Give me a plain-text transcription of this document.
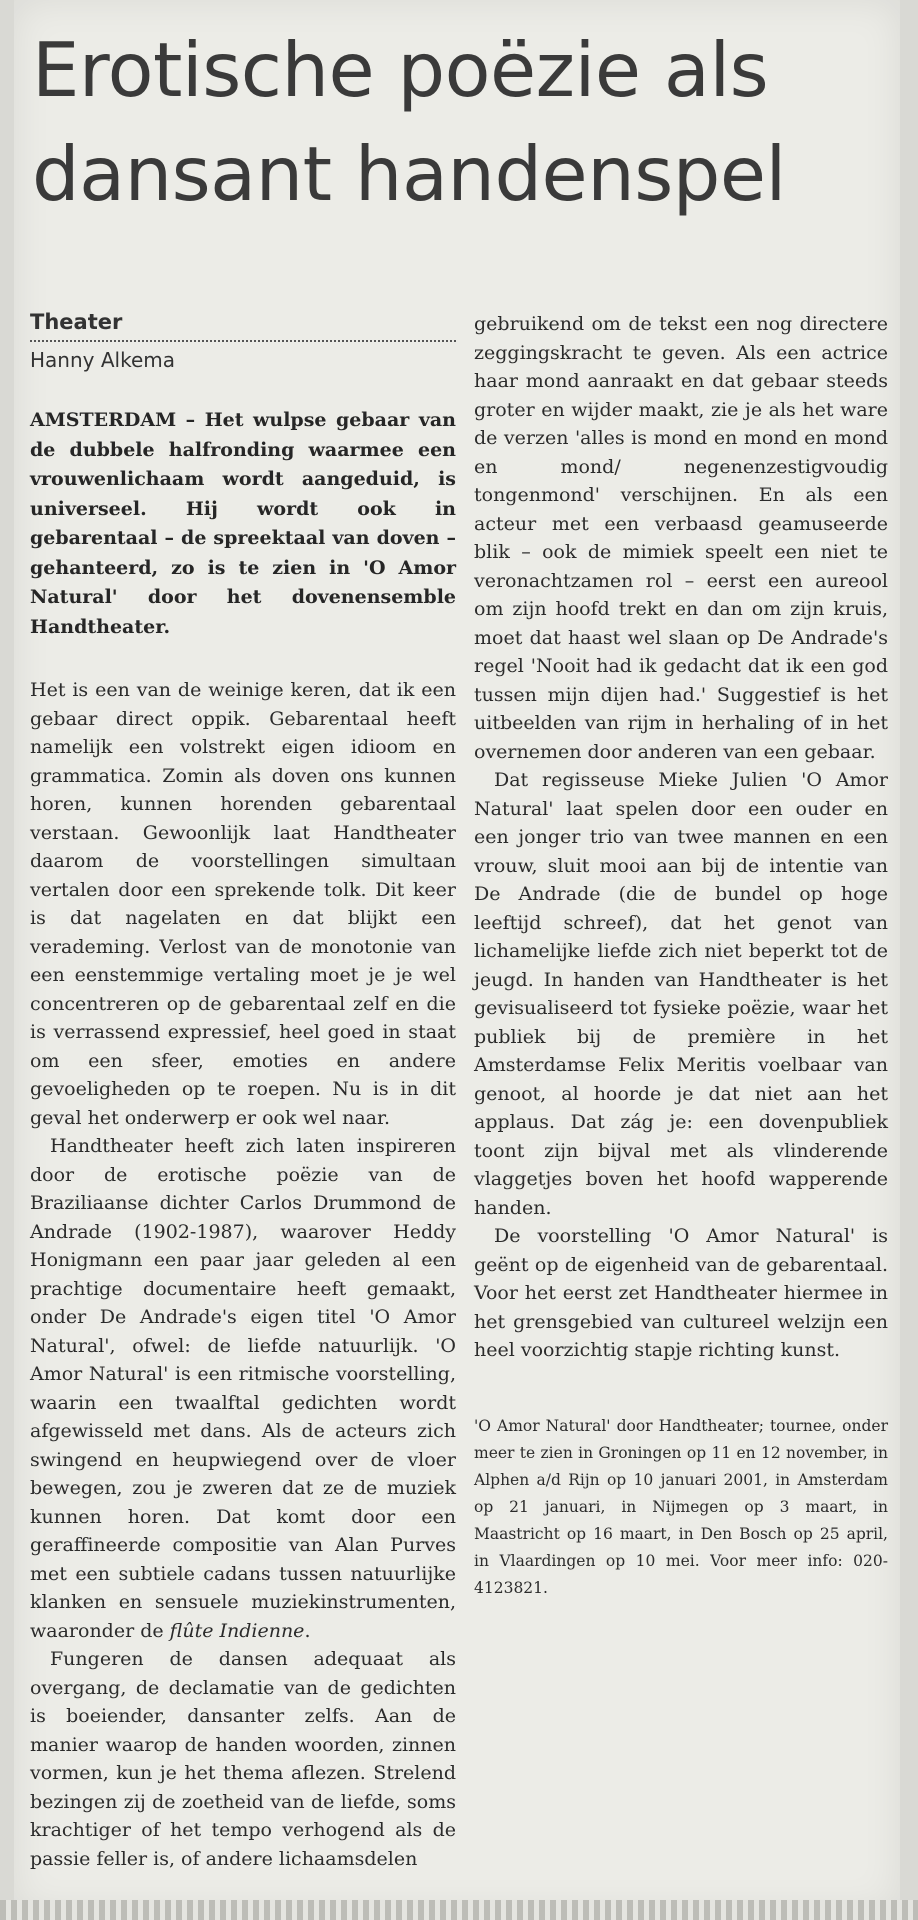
Erotische poëzie als
dansant handenspel
Theater
Hanny Alkema

AMSTERDAM – Het wulpse gebaar van de dubbele halfronding waarmee een vrouwenlichaam wordt aangeduid, is universeel. Hij wordt ook in gebarentaal – de spreektaal van doven – gehanteerd, zo is te zien in 'O Amor Natural' door het dovenensemble Handtheater.

Het is een van de weinige keren, dat ik een gebaar direct oppik. Gebarentaal heeft namelijk een volstrekt eigen idioom en grammatica. Zomin als doven ons kunnen horen, kunnen horenden gebarentaal verstaan. Gewoonlijk laat Handtheater daarom de voorstellingen simultaan vertalen door een sprekende tolk. Dit keer is dat nagelaten en dat blijkt een verademing. Verlost van de monotonie van een eenstemmige vertaling moet je je wel concentreren op de gebarentaal zelf en die is verrassend expressief, heel goed in staat om een sfeer, emoties en andere gevoeligheden op te roepen. Nu is in dit geval het onderwerp er ook wel naar.

Handtheater heeft zich laten inspireren door de erotische poëzie van de Braziliaanse dichter Carlos Drummond de Andrade (1902-1987), waarover Heddy Honigmann een paar jaar geleden al een prachtige documentaire heeft gemaakt, onder De Andrade's eigen titel 'O Amor Natural', ofwel: de liefde natuurlijk. 'O Amor Natural' is een ritmische voorstelling, waarin een twaalftal gedichten wordt afgewisseld met dans. Als de acteurs zich swingend en heupwiegend over de vloer bewegen, zou je zweren dat ze de muziek kunnen horen. Dat komt door een geraffineerde compositie van Alan Purves met een subtiele cadans tussen natuurlijke klanken en sensuele muziekinstrumenten, waaronder de flûte Indienne.

Fungeren de dansen adequaat als overgang, de declamatie van de gedichten is boeiender, dansanter zelfs. Aan de manier waarop de handen woorden, zinnen vormen, kun je het thema aflezen. Strelend bezingen zij de zoetheid van de liefde, soms krachtiger of het tempo verhogend als de passie feller is, of andere lichaamsdelen

gebruikend om de tekst een nog directere zeggingskracht te geven. Als een actrice haar mond aanraakt en dat gebaar steeds groter en wijder maakt, zie je als het ware de verzen 'alles is mond en mond en mond en mond/ negenenzestigvoudig tongenmond' verschijnen. En als een acteur met een verbaasd geamuseerde blik – ook de mimiek speelt een niet te veronachtzamen rol – eerst een aureool om zijn hoofd trekt en dan om zijn kruis, moet dat haast wel slaan op De Andrade's regel 'Nooit had ik gedacht dat ik een god tussen mijn dijen had.' Suggestief is het uitbeelden van rijm in herhaling of in het overnemen door anderen van een gebaar.

Dat regisseuse Mieke Julien 'O Amor Natural' laat spelen door een ouder en een jonger trio van twee mannen en een vrouw, sluit mooi aan bij de intentie van De Andrade (die de bundel op hoge leeftijd schreef), dat het genot van lichamelijke liefde zich niet beperkt tot de jeugd. In handen van Handtheater is het gevisualiseerd tot fysieke poëzie, waar het publiek bij de première in het Amsterdamse Felix Meritis voelbaar van genoot, al hoorde je dat niet aan het applaus. Dat zág je: een dovenpubliek toont zijn bijval met als vlinderende vlaggetjes boven het hoofd wapperende handen.

De voorstelling 'O Amor Natural' is geënt op de eigenheid van de gebarentaal. Voor het eerst zet Handtheater hiermee in het grensgebied van cultureel welzijn een heel voorzichtig stapje richting kunst.

'O Amor Natural' door Handtheater; tournee, onder meer te zien in Groningen op 11 en 12 november, in Alphen a/d Rijn op 10 januari 2001, in Amsterdam op 21 januari, in Nijmegen op 3 maart, in Maastricht op 16 maart, in Den Bosch op 25 april, in Vlaardingen op 10 mei. Voor meer info: 020-4123821.
